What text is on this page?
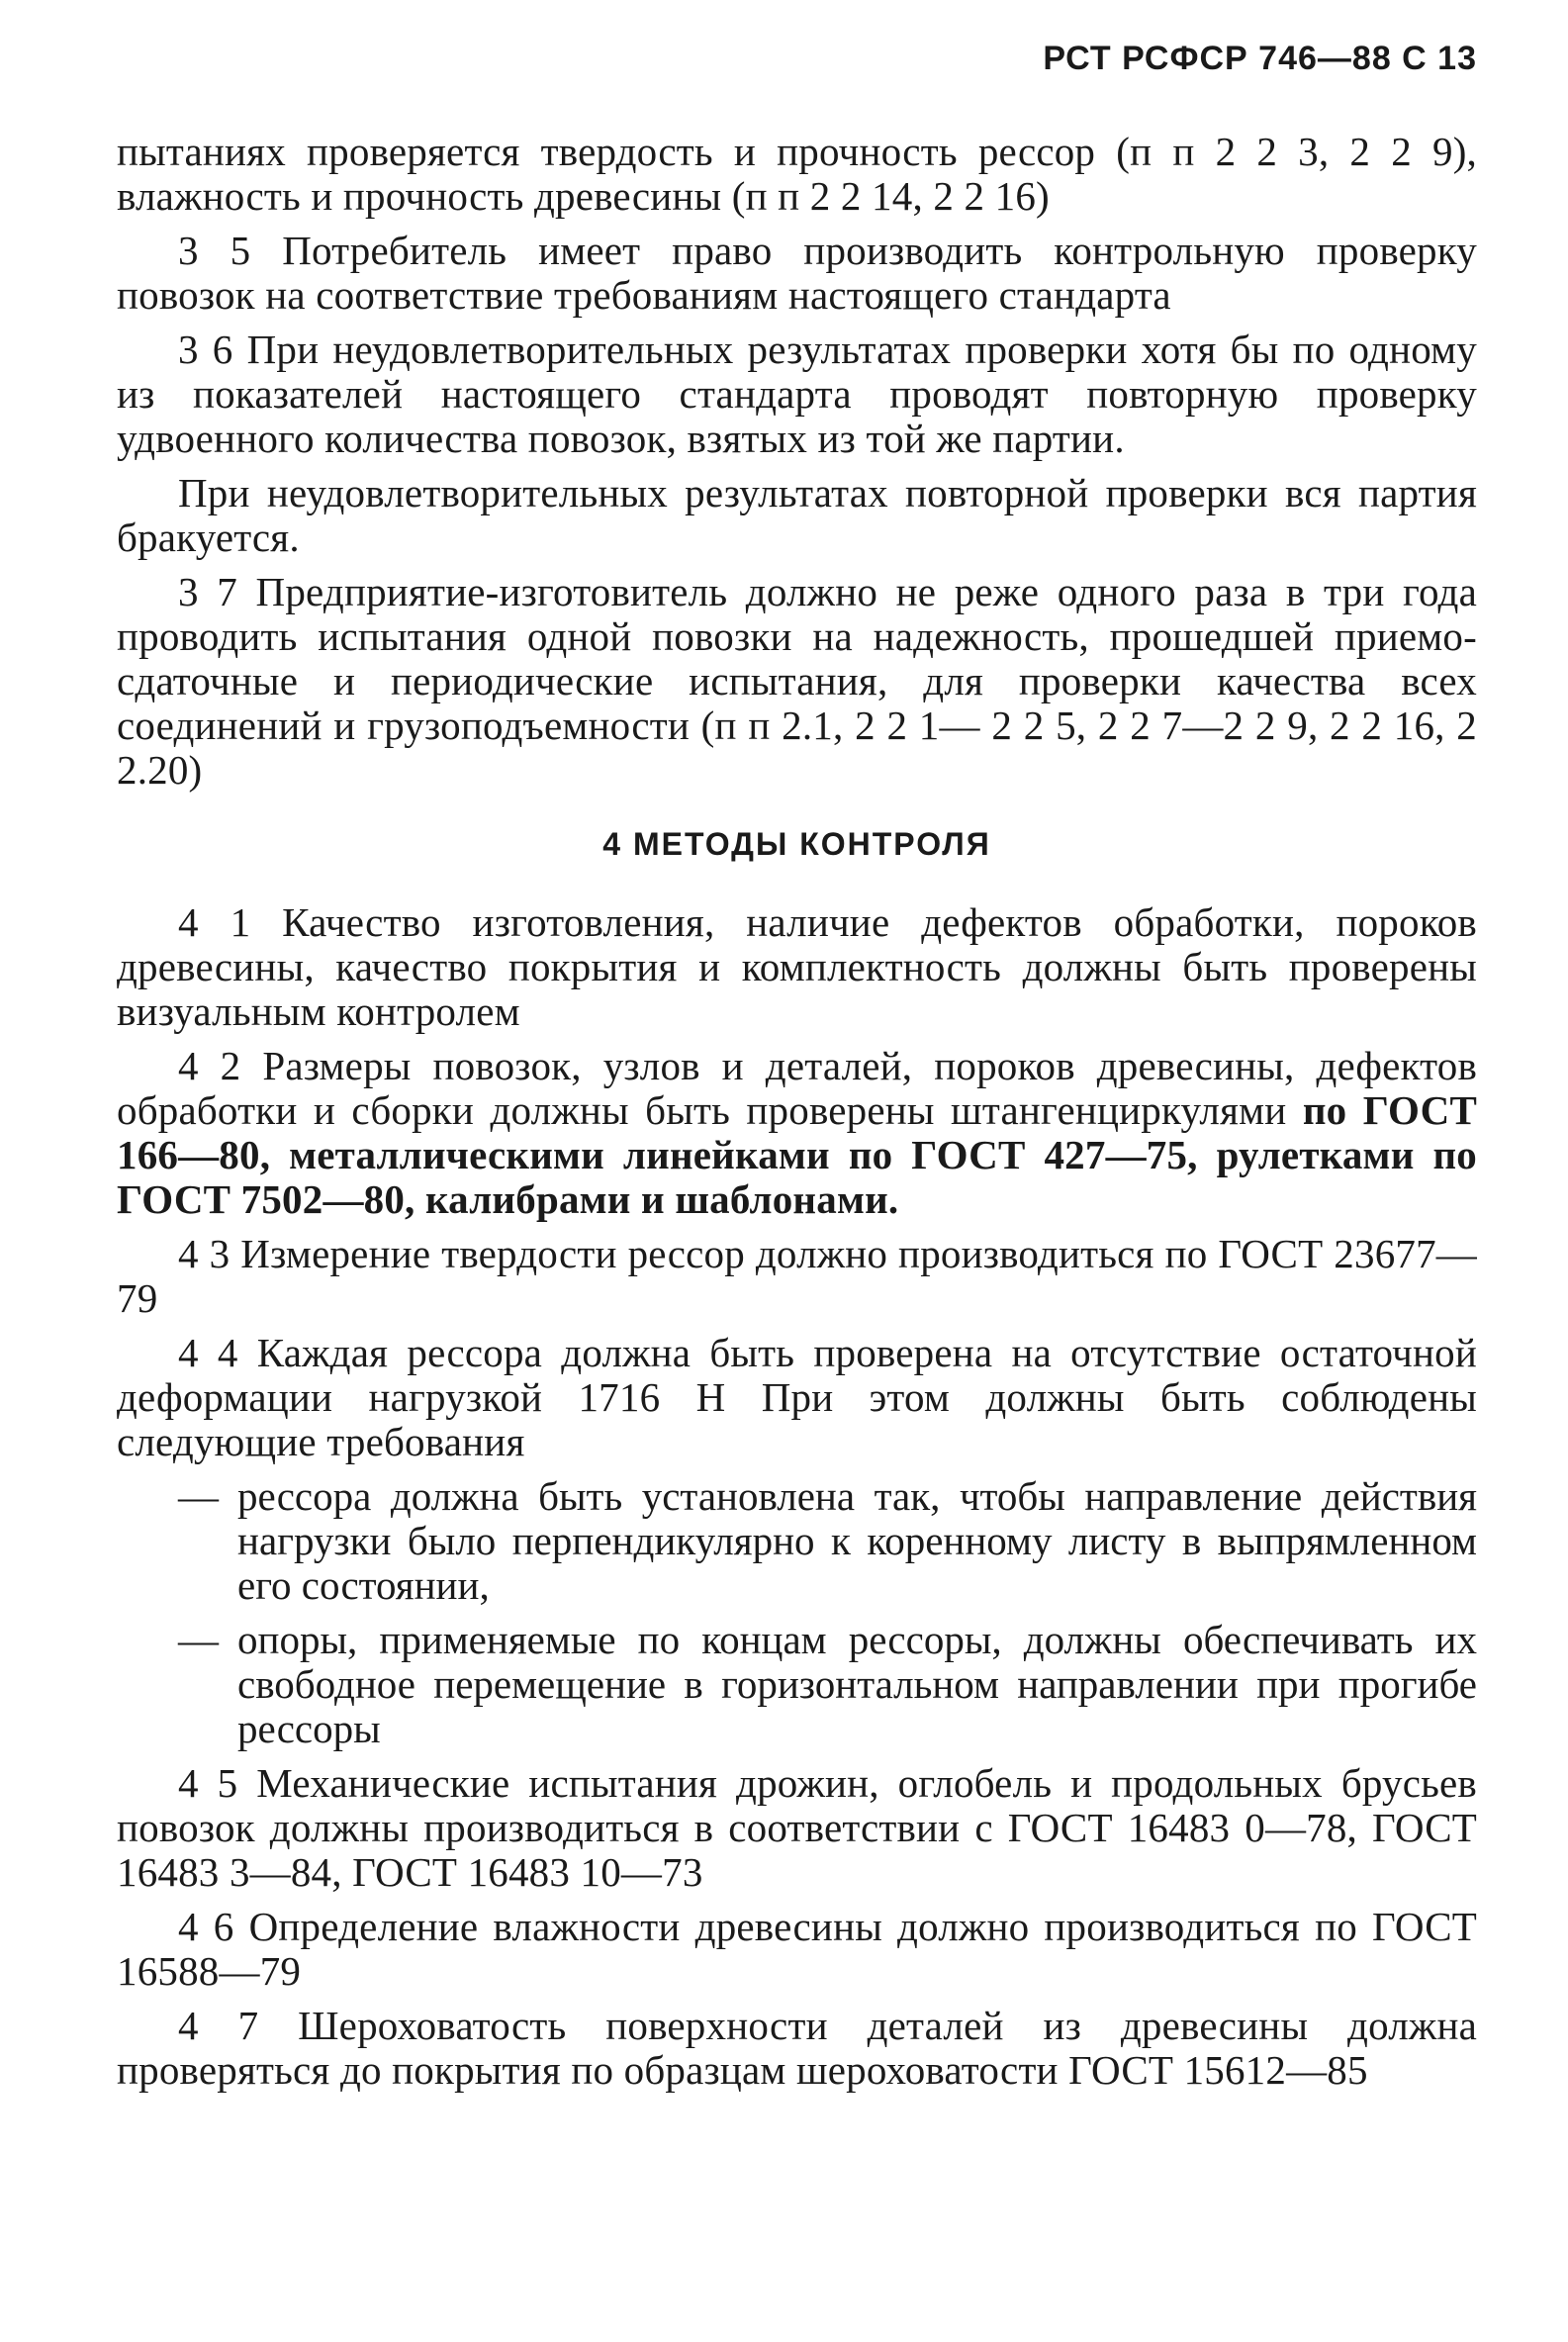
РСТ РСФСР 746—88 С 13

пытаниях проверяется твердость и прочность рессор (п п 2 2 3, 2 2 9), влажность и прочность древесины (п п 2 2 14, 2 2 16)

3 5 Потребитель имеет право производить контрольную проверку повозок на соответствие требованиям настоящего стандарта

3 6 При неудовлетворительных результатах проверки хотя бы по одному из показателей настоящего стандарта проводят повторную проверку удвоенного количества повозок, взятых из той же партии.

При неудовлетворительных результатах повторной проверки вся партия бракуется.

3 7 Предприятие-изготовитель должно не реже одного раза в три года проводить испытания одной повозки на надежность, прошедшей приемо-сдаточные и периодические испытания, для проверки качества всех соединений и грузоподъемности (п п 2.1, 2 2 1— 2 2 5, 2 2 7—2 2 9, 2 2 16, 2 2.20)

4 МЕТОДЫ КОНТРОЛЯ

4 1 Качество изготовления, наличие дефектов обработки, пороков древесины, качество покрытия и комплектность должны быть проверены визуальным контролем

4 2 Размеры повозок, узлов и деталей, пороков древесины, дефектов обработки и сборки должны быть проверены штангенциркулями по ГОСТ 166—80, металлическими линейками по ГОСТ 427—75, рулетками по ГОСТ 7502—80, калибрами и шаблонами.

4 3 Измерение твердости рессор должно производиться по ГОСТ 23677—79

4 4 Каждая рессора должна быть проверена на отсутствие остаточной деформации нагрузкой 1716 Н При этом должны быть соблюдены следующие требования

— рессора должна быть установлена так, чтобы направление действия нагрузки было перпендикулярно к коренному листу в выпрямленном его состоянии,
— опоры, применяемые по концам рессоры, должны обеспечивать их свободное перемещение в горизонтальном направлении при прогибе рессоры

4 5 Механические испытания дрожин, оглобель и продольных брусьев повозок должны производиться в соответствии с ГОСТ 16483 0—78, ГОСТ 16483 3—84, ГОСТ 16483 10—73

4 6 Определение влажности древесины должно производиться по ГОСТ 16588—79

4 7 Шероховатость поверхности деталей из древесины должна проверяться до покрытия по образцам шероховатости ГОСТ 15612—85
